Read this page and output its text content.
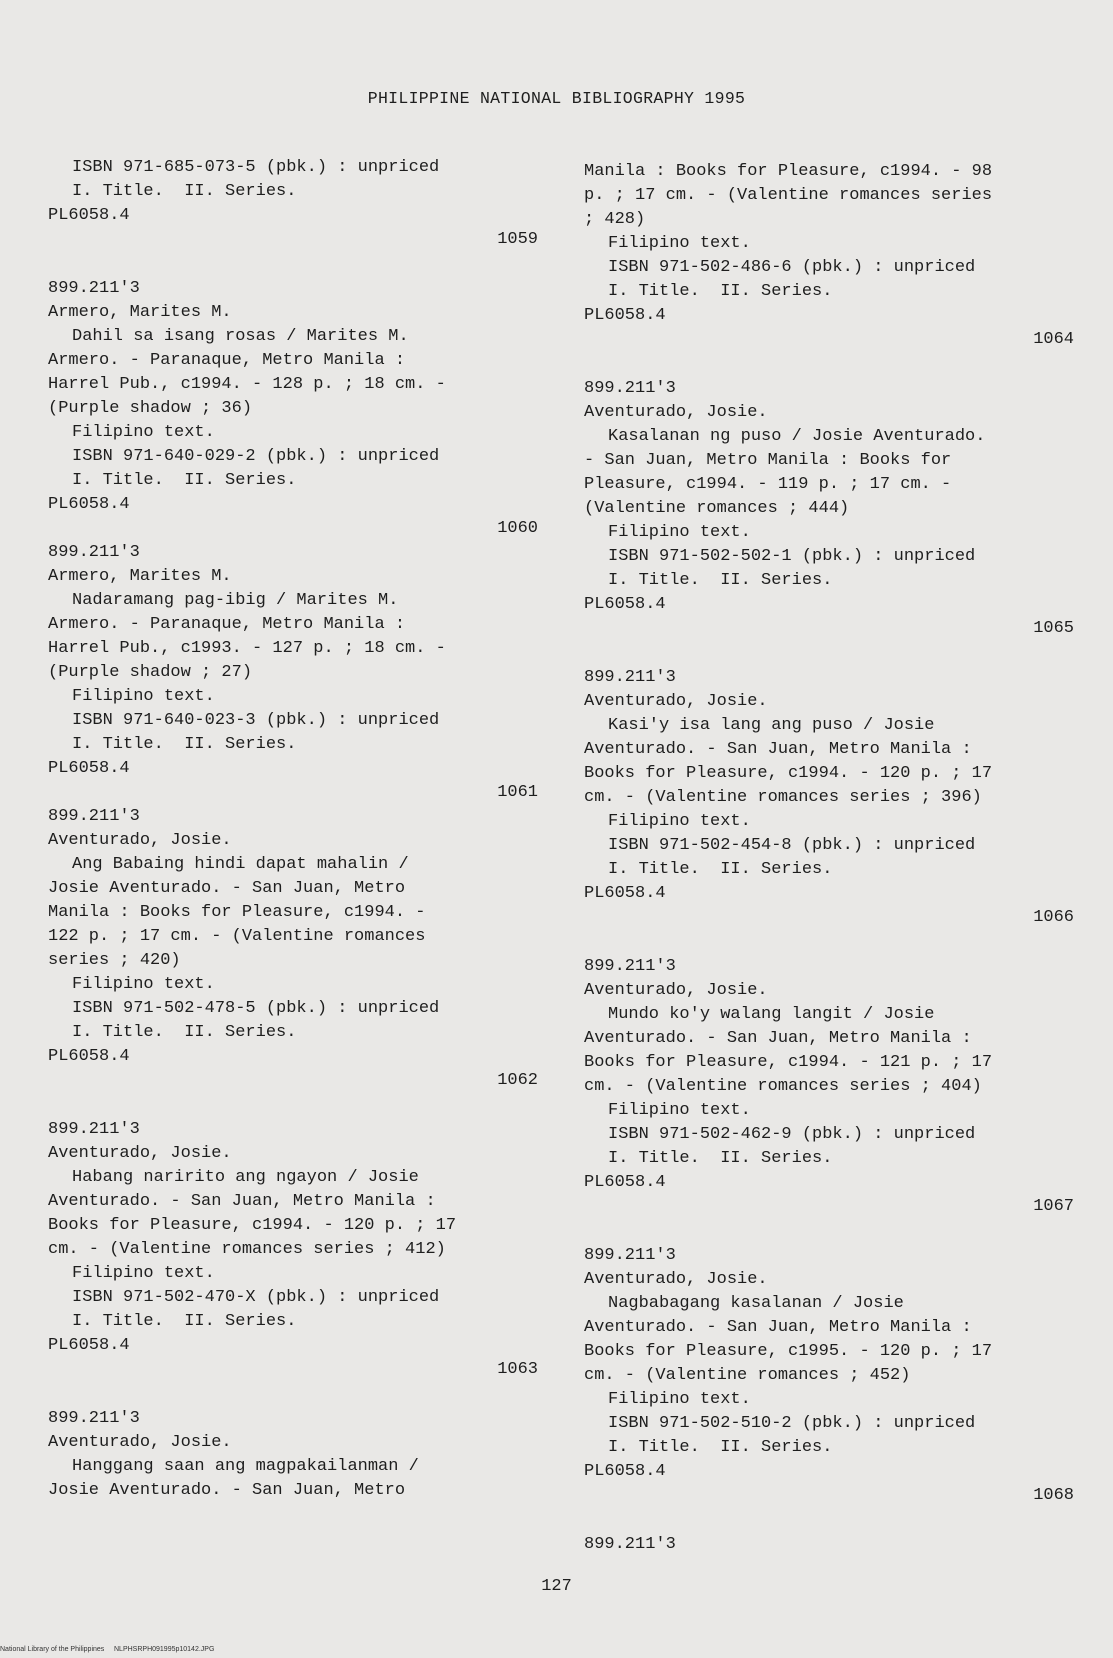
PHILIPPINE NATIONAL BIBLIOGRAPHY 1995
ISBN 971-685-073-5 (pbk.) : unpriced
I. Title.  II. Series.
PL6058.4
1059
899.211'3
Armero, Marites M.
Dahil sa isang rosas / Marites M.
Armero. - Paranaque, Metro Manila :
Harrel Pub., c1994. - 128 p. ; 18 cm. -
(Purple shadow ; 36)
Filipino text.
ISBN 971-640-029-2 (pbk.) : unpriced
I. Title.  II. Series.
PL6058.4
1060
899.211'3
Armero, Marites M.
Nadaramang pag-ibig / Marites M.
Armero. - Paranaque, Metro Manila :
Harrel Pub., c1993. - 127 p. ; 18 cm. -
(Purple shadow ; 27)
Filipino text.
ISBN 971-640-023-3 (pbk.) : unpriced
I. Title.  II. Series.
PL6058.4
1061
899.211'3
Aventurado, Josie.
Ang Babaing hindi dapat mahalin /
Josie Aventurado. - San Juan, Metro
Manila : Books for Pleasure, c1994. -
122 p. ; 17 cm. - (Valentine romances
series ; 420)
Filipino text.
ISBN 971-502-478-5 (pbk.) : unpriced
I. Title.  II. Series.
PL6058.4
1062
899.211'3
Aventurado, Josie.
Habang naririto ang ngayon / Josie
Aventurado. - San Juan, Metro Manila :
Books for Pleasure, c1994. - 120 p. ; 17
cm. - (Valentine romances series ; 412)
Filipino text.
ISBN 971-502-470-X (pbk.) : unpriced
I. Title.  II. Series.
PL6058.4
1063
899.211'3
Aventurado, Josie.
Hanggang saan ang magpakailanman /
Josie Aventurado. - San Juan, Metro
Manila : Books for Pleasure, c1994. - 98
p. ; 17 cm. - (Valentine romances series
; 428)
Filipino text.
ISBN 971-502-486-6 (pbk.) : unpriced
I. Title.  II. Series.
PL6058.4
1064
899.211'3
Aventurado, Josie.
Kasalanan ng puso / Josie Aventurado.
- San Juan, Metro Manila : Books for
Pleasure, c1994. - 119 p. ; 17 cm. -
(Valentine romances ; 444)
Filipino text.
ISBN 971-502-502-1 (pbk.) : unpriced
I. Title.  II. Series.
PL6058.4
1065
899.211'3
Aventurado, Josie.
Kasi'y isa lang ang puso / Josie
Aventurado. - San Juan, Metro Manila :
Books for Pleasure, c1994. - 120 p. ; 17
cm. - (Valentine romances series ; 396)
Filipino text.
ISBN 971-502-454-8 (pbk.) : unpriced
I. Title.  II. Series.
PL6058.4
1066
899.211'3
Aventurado, Josie.
Mundo ko'y walang langit / Josie
Aventurado. - San Juan, Metro Manila :
Books for Pleasure, c1994. - 121 p. ; 17
cm. - (Valentine romances series ; 404)
Filipino text.
ISBN 971-502-462-9 (pbk.) : unpriced
I. Title.  II. Series.
PL6058.4
1067
899.211'3
Aventurado, Josie.
Nagbabagang kasalanan / Josie
Aventurado. - San Juan, Metro Manila :
Books for Pleasure, c1995. - 120 p. ; 17
cm. - (Valentine romances ; 452)
Filipino text.
ISBN 971-502-510-2 (pbk.) : unpriced
I. Title.  II. Series.
PL6058.4
1068
899.211'3
127
National Library of the Philippines     NLPHSRPH091995p10142.JPG
